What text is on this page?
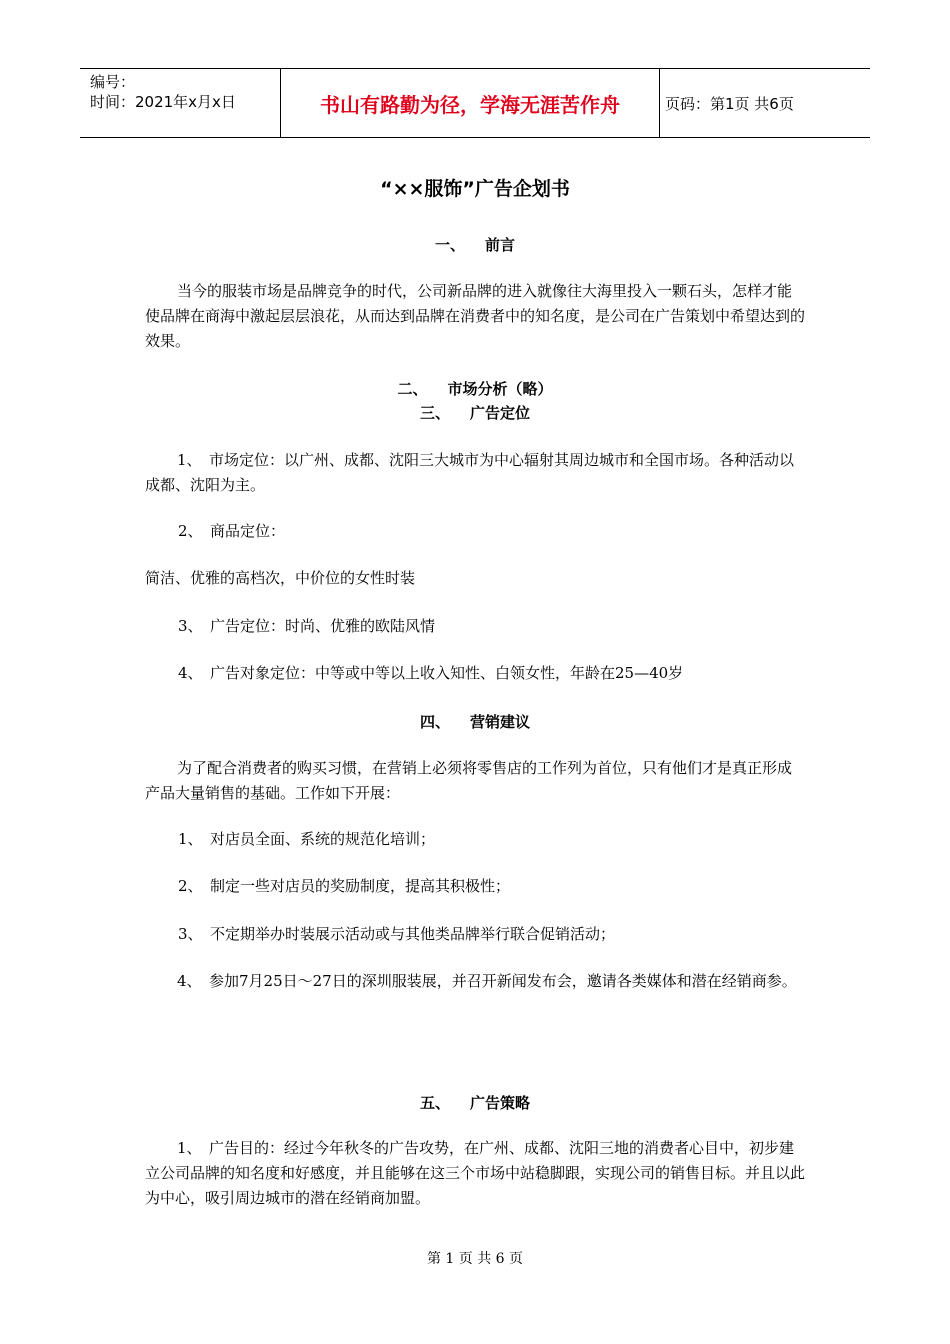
编号：
时间：2021年x月x日	书山有路勤为径，学海无涯苦作舟	页码：第1页 共6页
“××服饰”广告企划书
一、 前言
当今的服装市场是品牌竞争的时代，公司新品牌的进入就像往大海里投入一颗石头，怎样才能使品牌在商海中激起层层浪花，从而达到品牌在消费者中的知名度，是公司在广告策划中希望达到的效果。
二、 市场分析（略）
三、 广告定位
1、 市场定位：以广州、成都、沈阳三大城市为中心辐射其周边城市和全国市场。各种活动以成都、沈阳为主。
2、 商品定位：
简洁、优雅的高档次，中价位的女性时装
3、 广告定位：时尚、优雅的欧陆风情
4、 广告对象定位：中等或中等以上收入知性、白领女性，年龄在25—40岁
四、 营销建议
为了配合消费者的购买习惯，在营销上必须将零售店的工作列为首位，只有他们才是真正形成产品大量销售的基础。工作如下开展：
1、 对店员全面、系统的规范化培训；
2、 制定一些对店员的奖励制度，提高其积极性；
3、 不定期举办时装展示活动或与其他类品牌举行联合促销活动；
4、 参加7月25日～27日的深圳服装展，并召开新闻发布会，邀请各类媒体和潜在经销商参。
五、 广告策略
1、 广告目的：经过今年秋冬的广告攻势，在广州、成都、沈阳三地的消费者心目中，初步建立公司品牌的知名度和好感度，并且能够在这三个市场中站稳脚跟，实现公司的销售目标。并且以此为中心，吸引周边城市的潜在经销商加盟。
第 1 页 共 6 页
